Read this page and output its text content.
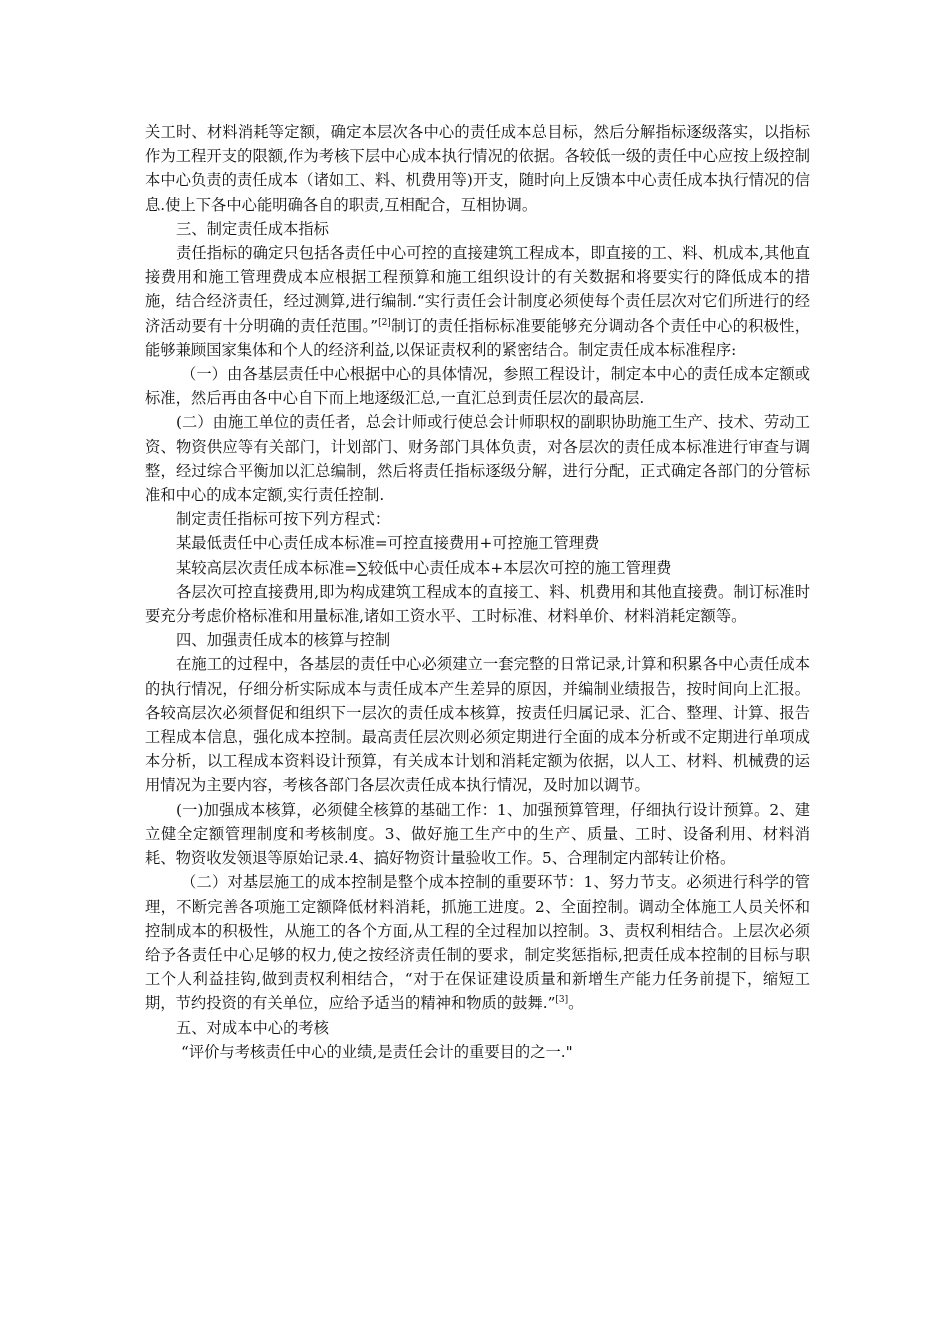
关工时、材料消耗等定额，确定本层次各中心的责任成本总目标，然后分解指标逐级落实，以指标作为工程开支的限额,作为考核下层中心成本执行情况的依据。各较低一级的责任中心应按上级控制本中心负责的责任成本（诸如工、料、机费用等)开支，随时向上反馈本中心责任成本执行情况的信息.使上下各中心能明确各自的职责,互相配合，互相协调。

三、制定责任成本指标

责任指标的确定只包括各责任中心可控的直接建筑工程成本，即直接的工、料、机成本,其他直接费用和施工管理费成本应根据工程预算和施工组织设计的有关数据和将要实行的降低成本的措施，结合经济责任，经过测算,进行编制.“实行责任会计制度必须使每个责任层次对它们所进行的经济活动要有十分明确的责任范围。”[2]制订的责任指标标准要能够充分调动各个责任中心的积极性，能够兼顾国家集体和个人的经济利益,以保证责权利的紧密结合。制定责任成本标准程序:

（一）由各基层责任中心根据中心的具体情况，参照工程设计，制定本中心的责任成本定额或标准，然后再由各中心自下而上地逐级汇总,一直汇总到责任层次的最高层.

(二）由施工单位的责任者，总会计师或行使总会计师职权的副职协助施工生产、技术、劳动工资、物资供应等有关部门，计划部门、财务部门具体负责，对各层次的责任成本标准进行审查与调整，经过综合平衡加以汇总编制，然后将责任指标逐级分解，进行分配，正式确定各部门的分管标准和中心的成本定额,实行责任控制.

制定责任指标可按下列方程式：

某最低责任中心责任成本标准=可控直接费用+可控施工管理费

某较高层次责任成本标准=∑较低中心责任成本+本层次可控的施工管理费

各层次可控直接费用,即为构成建筑工程成本的直接工、料、机费用和其他直接费。制订标准时要充分考虑价格标准和用量标准,诸如工资水平、工时标准、材料单价、材料消耗定额等。

四、加强责任成本的核算与控制

在施工的过程中，各基层的责任中心必须建立一套完整的日常记录,计算和积累各中心责任成本的执行情况，仔细分析实际成本与责任成本产生差异的原因，并编制业绩报告，按时间向上汇报。各较高层次必须督促和组织下一层次的责任成本核算，按责任归属记录、汇合、整理、计算、报告工程成本信息，强化成本控制。最高责任层次则必须定期进行全面的成本分析或不定期进行单项成本分析，以工程成本资料设计预算，有关成本计划和消耗定额为依据，以人工、材料、机械费的运用情况为主要内容，考核各部门各层次责任成本执行情况，及时加以调节。

(一)加强成本核算，必须健全核算的基础工作：1、加强预算管理，仔细执行设计预算。2、建立健全定额管理制度和考核制度。3、做好施工生产中的生产、质量、工时、设备利用、材料消耗、物资收发领退等原始记录.4、搞好物资计量验收工作。5、合理制定内部转让价格。

（二）对基层施工的成本控制是整个成本控制的重要环节：1、努力节支。必须进行科学的管理，不断完善各项施工定额降低材料消耗，抓施工进度。2、全面控制。调动全体施工人员关怀和控制成本的积极性，从施工的各个方面,从工程的全过程加以控制。3、责权利相结合。上层次必须给予各责任中心足够的权力,使之按经济责任制的要求，制定奖惩指标,把责任成本控制的目标与职工个人利益挂钩,做到责权利相结合，“对于在保证建设质量和新增生产能力任务前提下，缩短工期，节约投资的有关单位，应给予适当的精神和物质的鼓舞.”[3]。

五、对成本中心的考核

“评价与考核责任中心的业绩,是责任会计的重要目的之一."
